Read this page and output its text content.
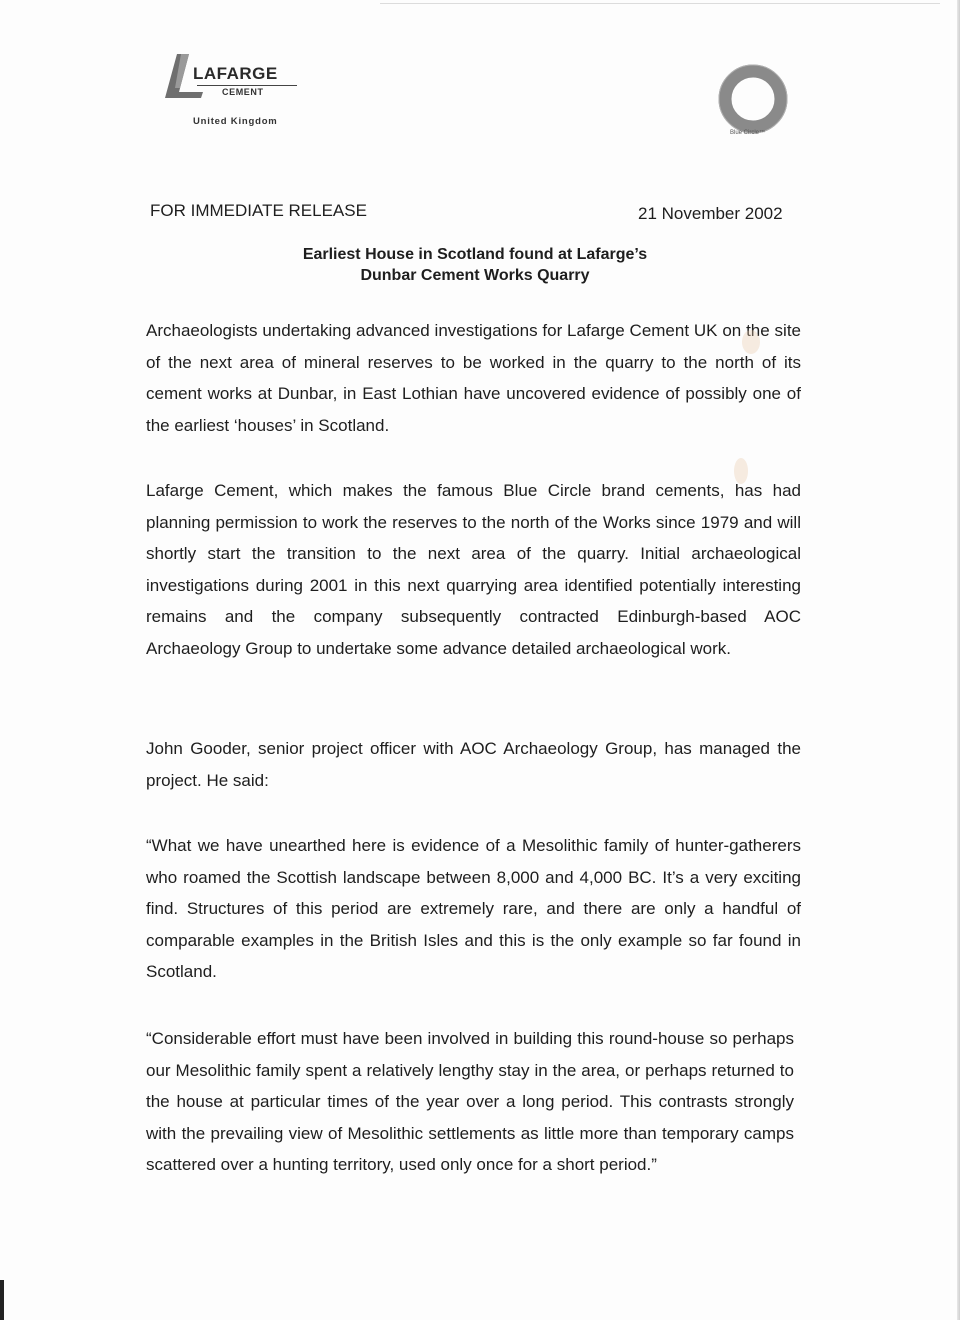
LAFARGE
CEMENT
United Kingdom
Blue Circle™
FOR IMMEDIATE RELEASE	21 November 2002
Earliest House in Scotland found at Lafarge’s
Dunbar Cement Works Quarry
Archaeologists undertaking advanced investigations for Lafarge Cement UK on the site of the next area of mineral reserves to be worked in the quarry to the north of its cement works at Dunbar, in East Lothian have uncovered evidence of possibly one of the earliest ‘houses’ in Scotland.
Lafarge Cement, which makes the famous Blue Circle brand cements, has had planning permission to work the reserves to the north of the Works since 1979 and will shortly start the transition to the next area of the quarry. Initial archaeological investigations during 2001 in this next quarrying area identified potentially interesting remains and the company subsequently contracted Edinburgh-based AOC Archaeology Group to undertake some advance detailed archaeological work.
John Gooder, senior project officer with AOC Archaeology Group, has managed the project. He said:
“What we have unearthed here is evidence of a Mesolithic family of hunter-gatherers who roamed the Scottish landscape between 8,000 and 4,000 BC. It’s a very exciting find. Structures of this period are extremely rare, and there are only a handful of comparable examples in the British Isles and this is the only example so far found in Scotland.
“Considerable effort must have been involved in building this round-house so perhaps our Mesolithic family spent a relatively lengthy stay in the area, or perhaps returned to the house at particular times of the year over a long period. This contrasts strongly with the prevailing view of Mesolithic settlements as little more than temporary camps scattered over a hunting territory, used only once for a short period.”
